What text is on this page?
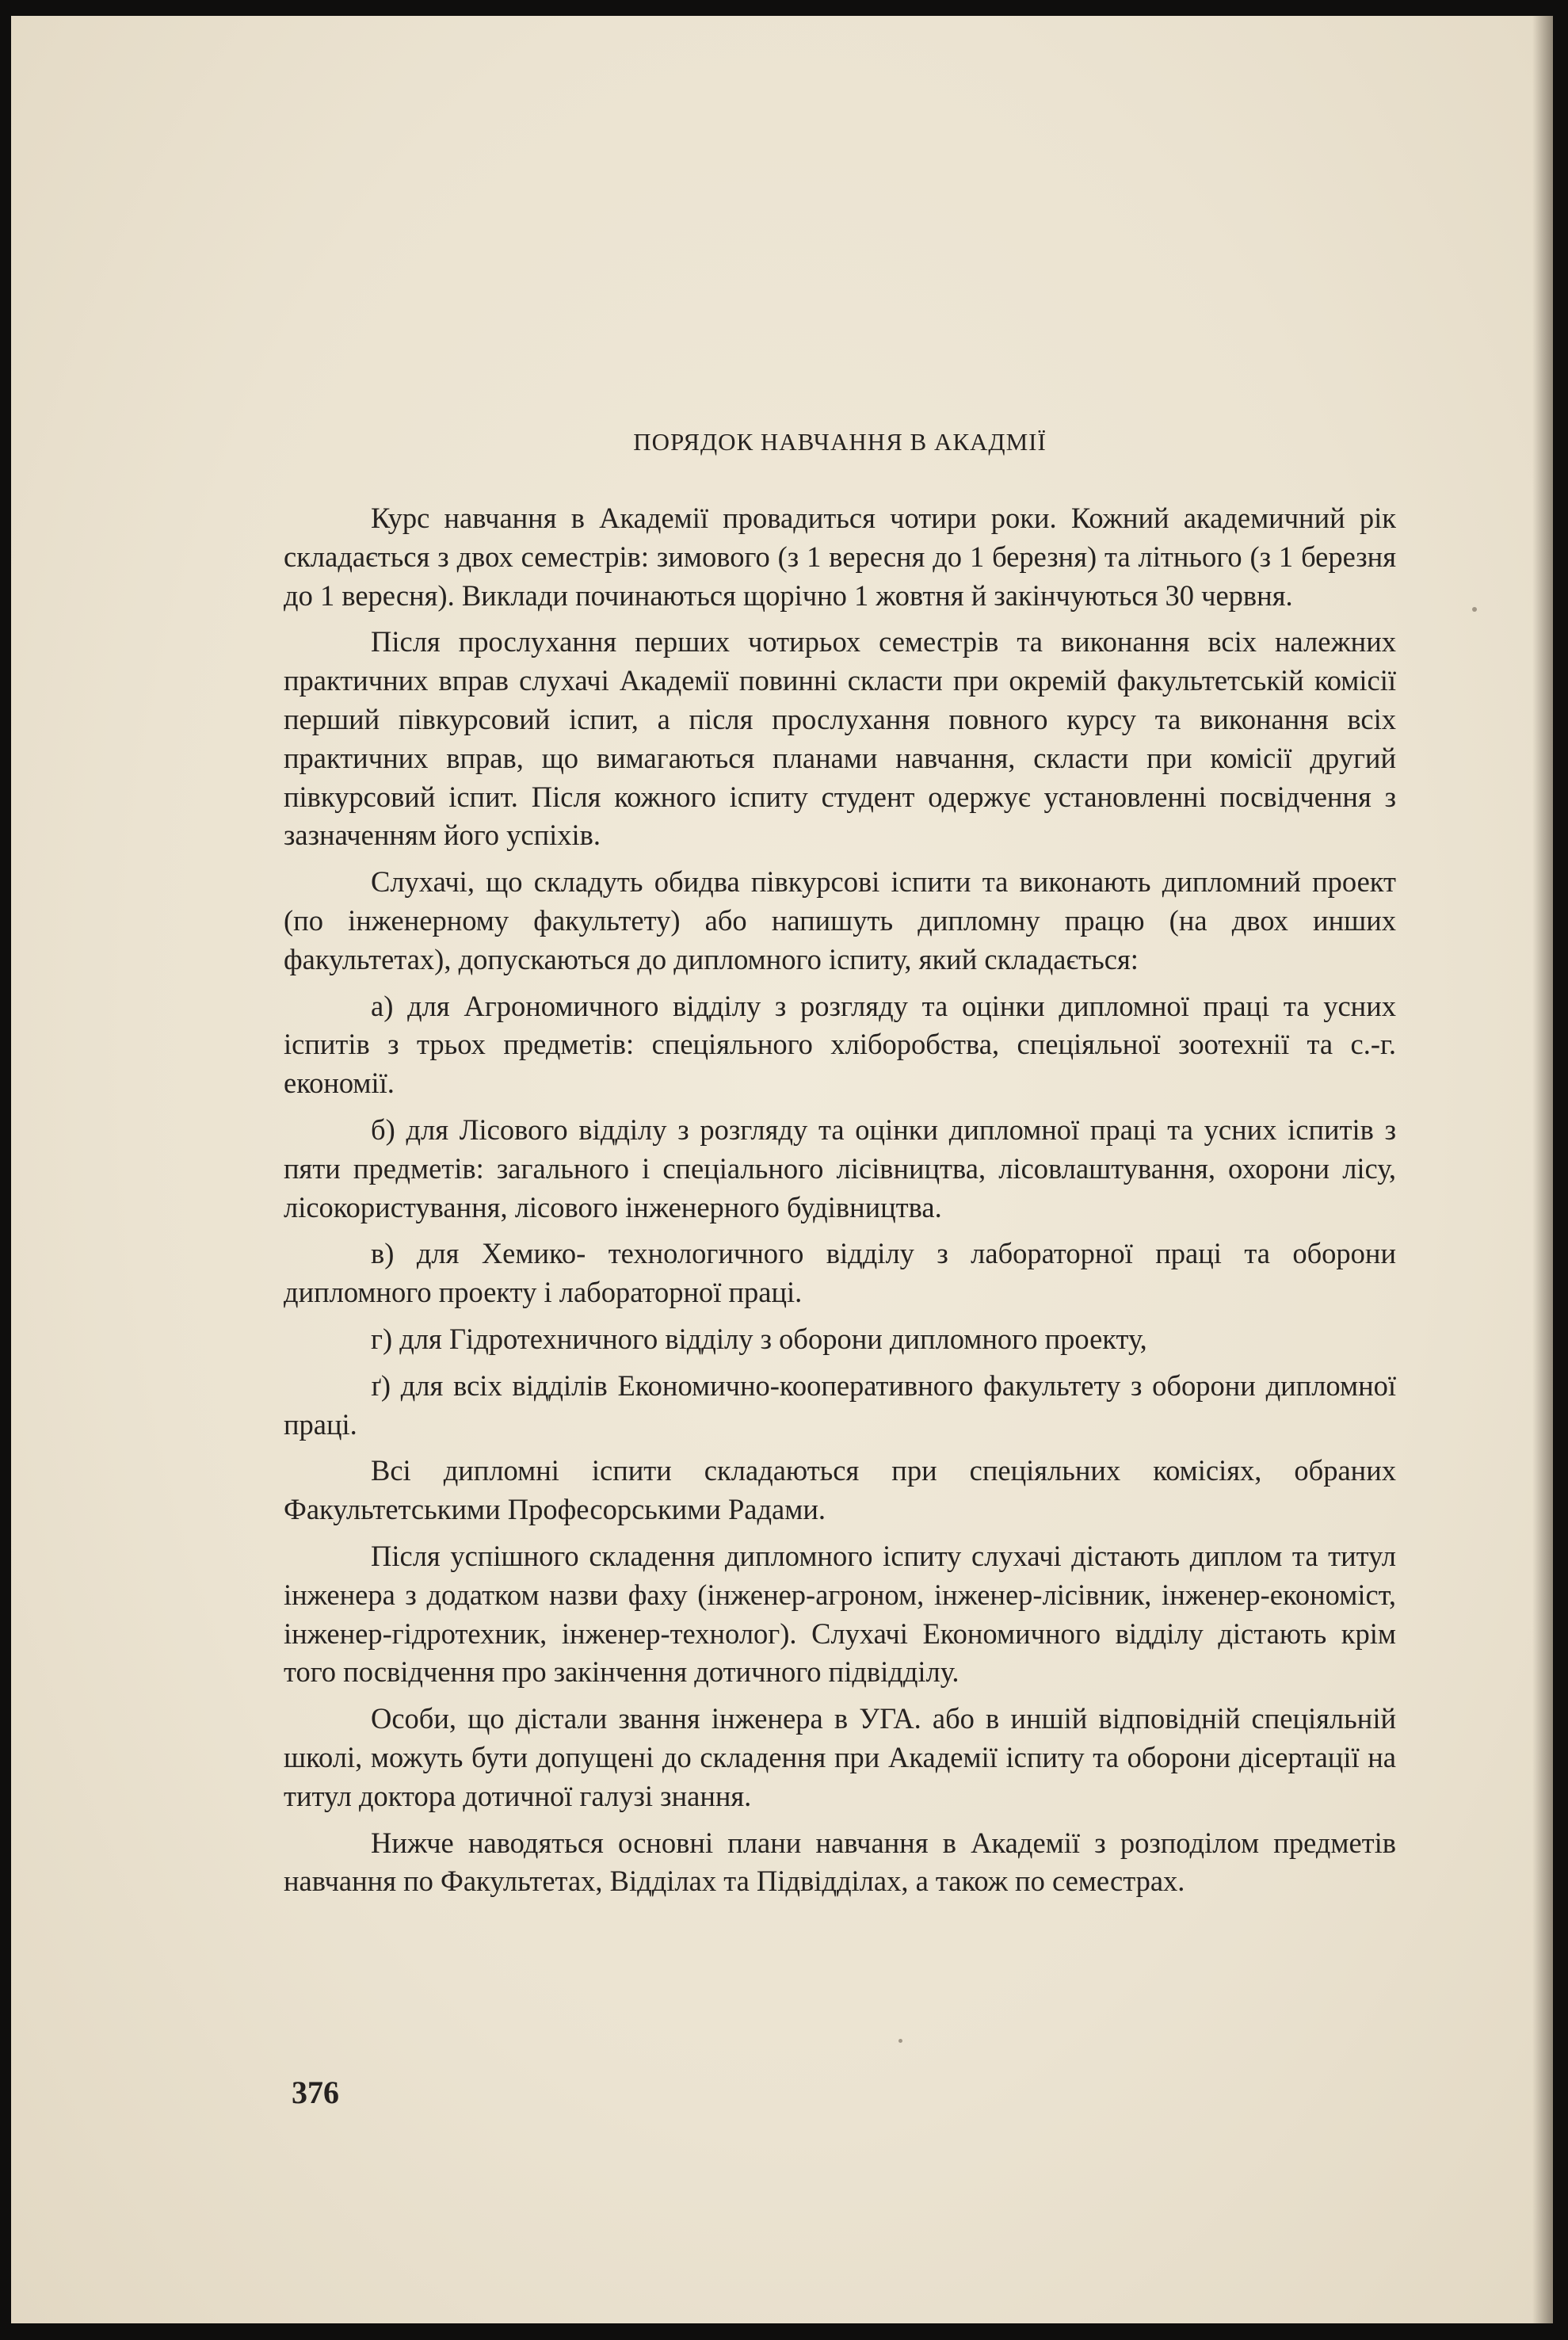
ПОРЯДОК НАВЧАННЯ В АКАДМІЇ

Курс навчання в Академії провадиться чотири роки. Кожний академичний рік складається з двох семестрів: зимового (з 1 вересня до 1 березня) та літнього (з 1 березня до 1 вересня). Виклади починаються щорічно 1 жовтня й закінчуються 30 червня.

Після прослухання перших чотирьох семестрів та виконання всіх належних практичних вправ слухачі Академії повинні скласти при окремій факультетській комісії перший півкурсовий іспит, а після прослухання повного курсу та виконання всіх практичних вправ, що вимагаються планами навчання, скласти при комісії другий півкурсовий іспит. Після кожного іспиту студент одержує установленні посвідчення з зазначенням його успіхів.

Слухачі, що складуть обидва півкурсові іспити та виконають дипломний проект (по інженерному факультету) або напишуть дипломну працю (на двох инших факультетах), допускаються до дипломного іспиту, який складається:

а) для Агрономичного відділу з розгляду та оцінки дипломної праці та усних іспитів з трьох предметів: спеціяльного хліборобства, спеціяльної зоотехнії та с.-г. економії.

б) для Лісового відділу з розгляду та оцінки дипломної праці та усних іспитів з пяти предметів: загального і спеціального лісівництва, лісовлаштування, охорони лісу, лісокористування, лісового інженерного будівництва.

в) для Хемико- технологичного відділу з лабораторної праці та оборони дипломного проекту і лабораторної праці.

г) для Гідротехничного відділу з оборони дипломного проекту,

ґ) для всіх відділів Економично-кооперативного факультету з оборони дипломної праці.

Всі дипломні іспити складаються при спеціяльних комісіях, обраних Факультетськими Професорськими Радами.

Після успішного складення дипломного іспиту слухачі дістають диплом та титул інженера з додатком назви фаху (інженер-агроном, інженер-лісівник, інженер-економіст, інженер-гідротехник, інженер-технолог). Слухачі Економичного відділу дістають крім того посвідчення про закінчення дотичного підвідділу.

Особи, що дістали звання інженера в УГА. або в иншій відповідній спеціяльній школі, можуть бути допущені до складення при Академії іспиту та оборони дісертації на титул доктора дотичної галузі знання.

Нижче наводяться основні плани навчання в Академії з розподілом предметів навчання по Факультетах, Відділах та Підвідділах, а також по семестрах.

376
